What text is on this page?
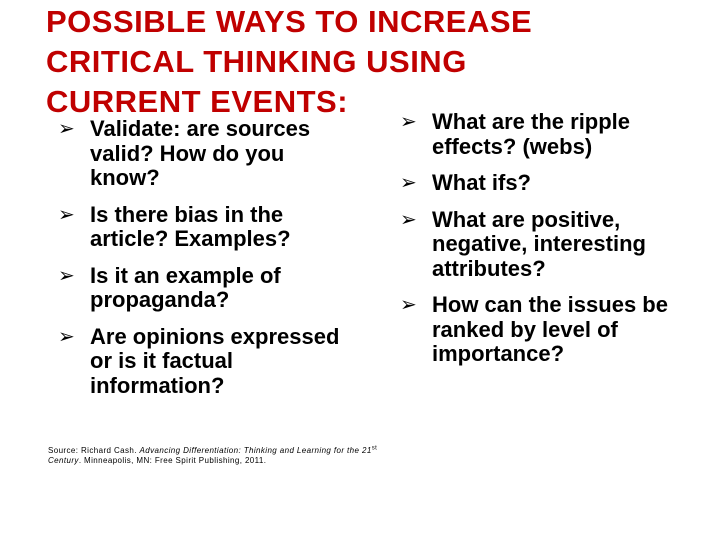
POSSIBLE WAYS TO INCREASE
CRITICAL THINKING USING
CURRENT EVENTS:
➢ Validate: are sources valid? How do you know?
➢ Is there bias in the article? Examples?
➢ Is it an example of propaganda?
➢ Are opinions expressed or is it factual information?
➢ What are the ripple effects? (webs)
➢ What ifs?
➢ What are positive, negative, interesting attributes?
➢ How can the issues be ranked by level of importance?
Source: Richard Cash. Advancing Differentiation: Thinking and Learning for the 21st Century. Minneapolis, MN: Free Spirit Publishing, 2011.
